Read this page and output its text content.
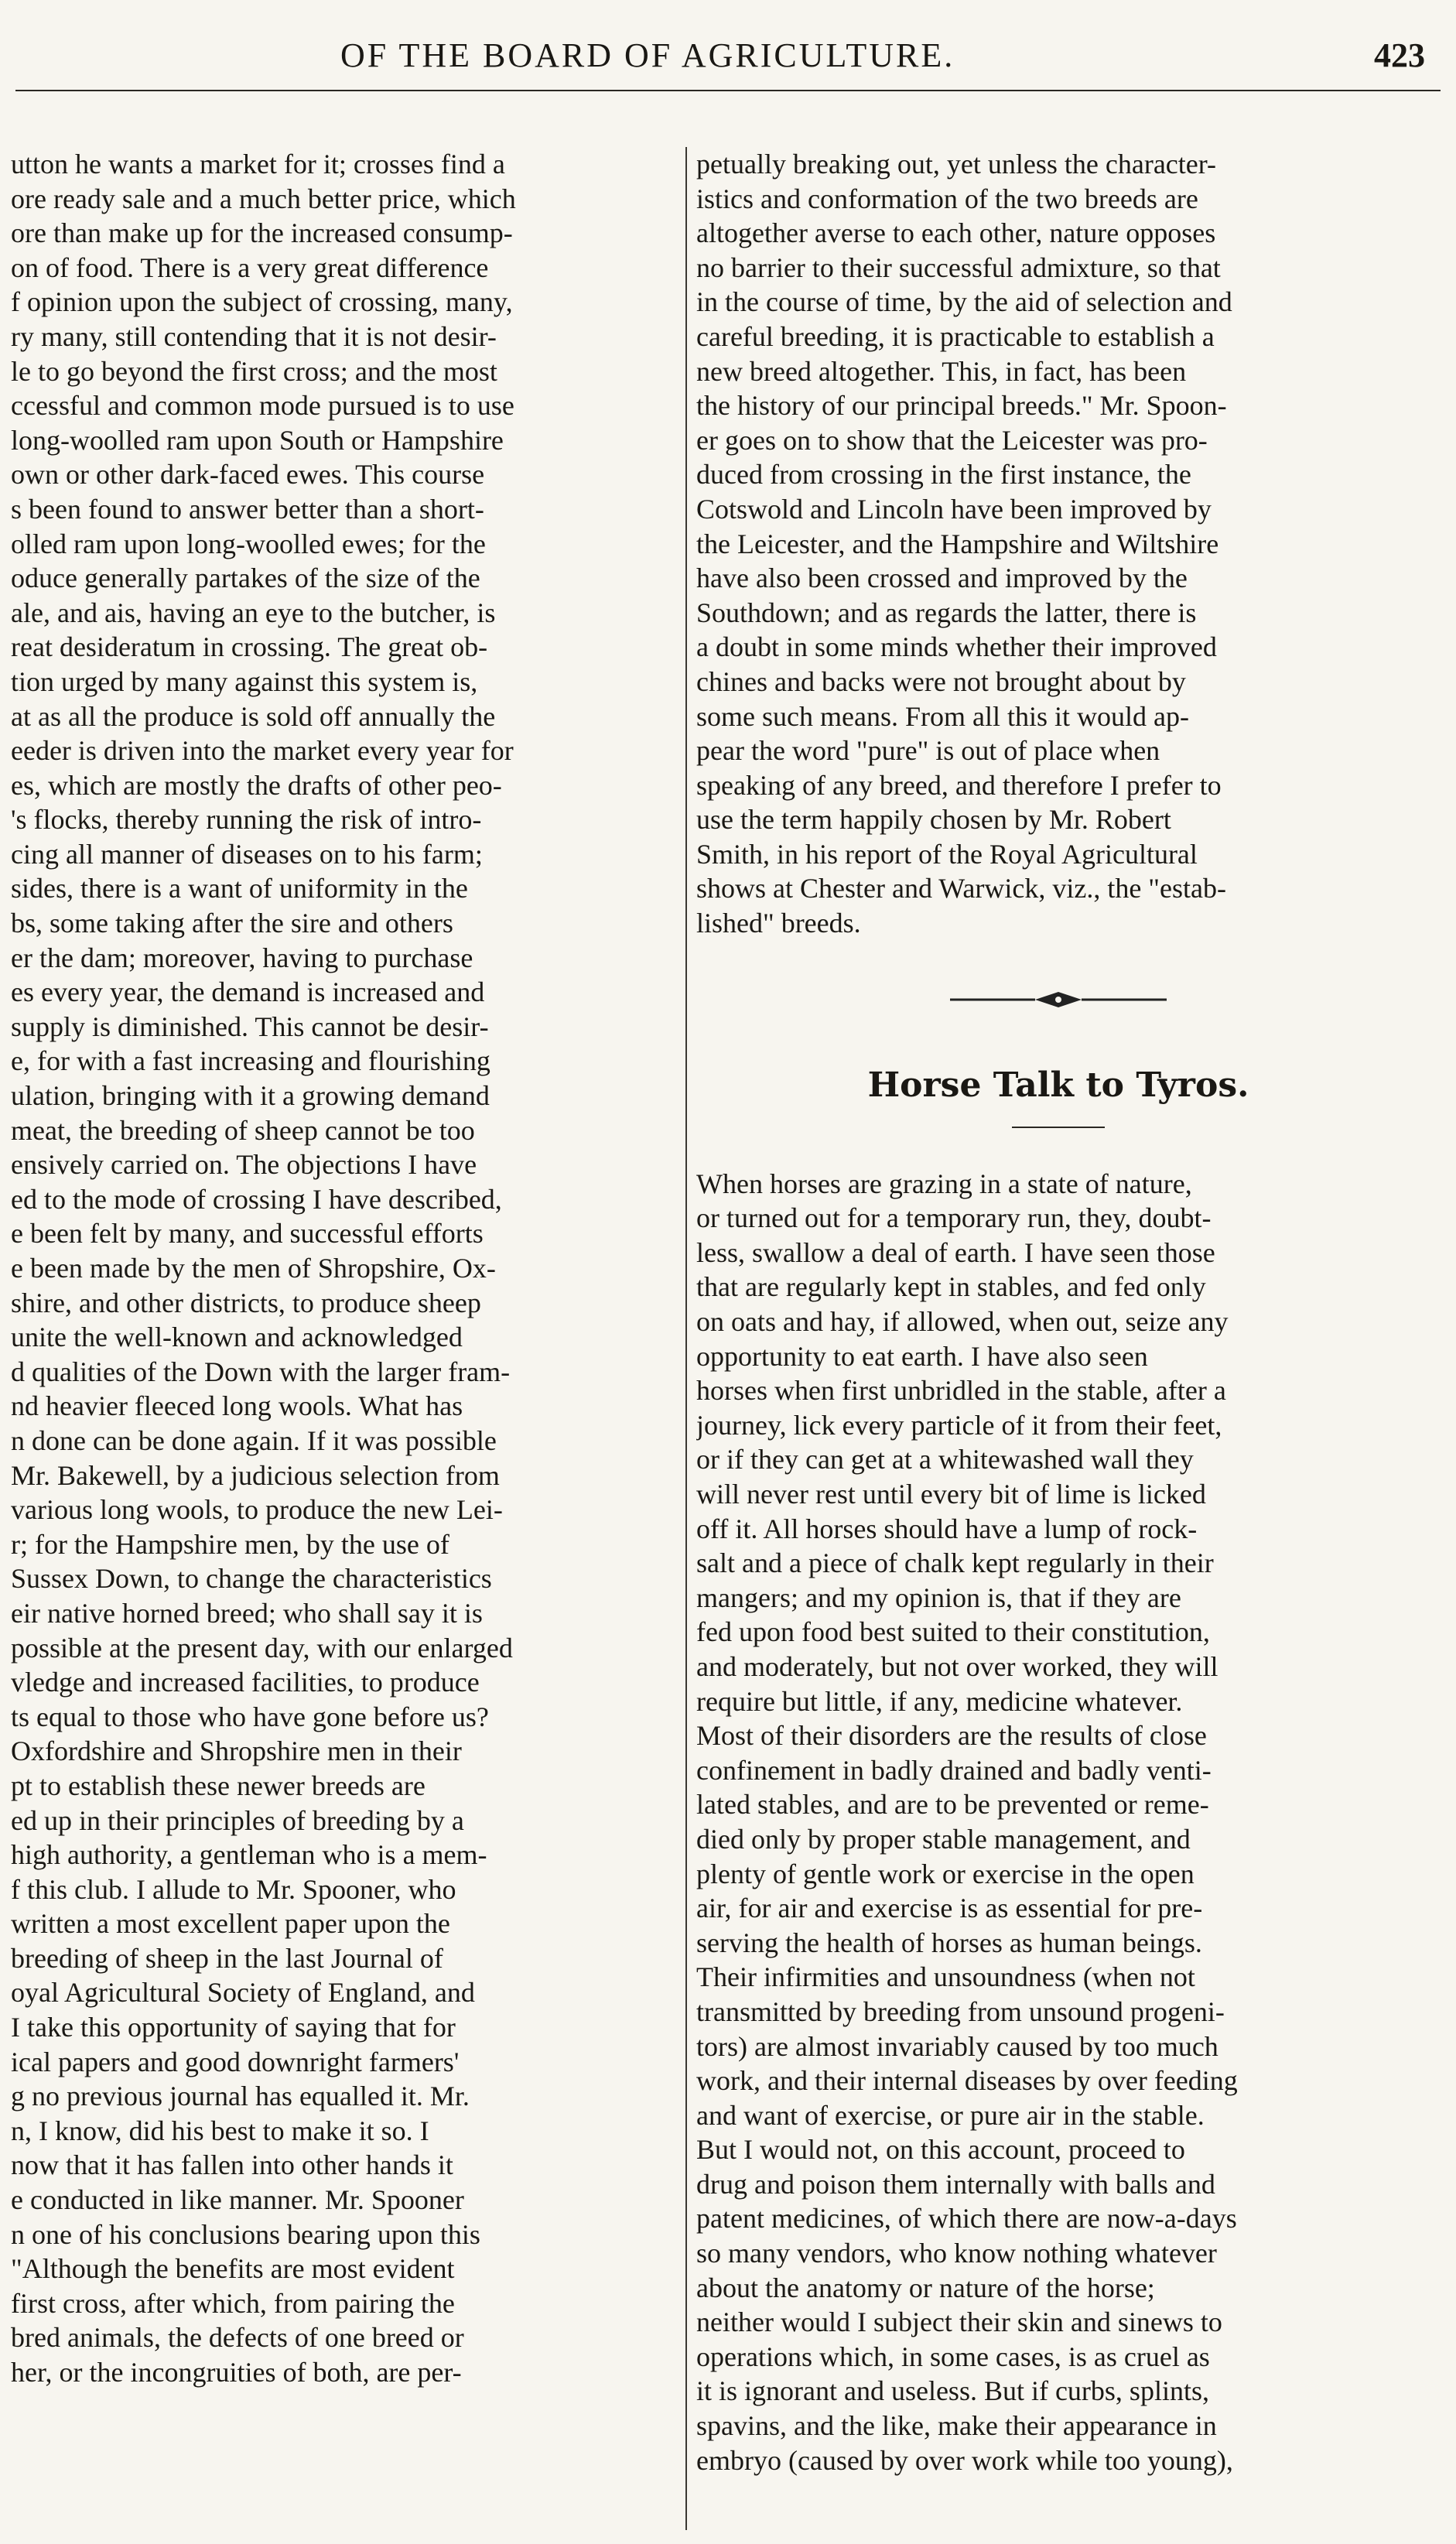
OF THE BOARD OF AGRICULTURE.	423
utton he wants a market for it; crosses find a
ore ready sale and a much better price, which
ore than make up for the increased consump-
on of food. There is a very great difference
f opinion upon the subject of crossing, many,
ry many, still contending that it is not desir-
le to go beyond the first cross; and the most
ccessful and common mode pursued is to use
long-woolled ram upon South or Hampshire
own or other dark-faced ewes. This course
s been found to answer better than a short-
olled ram upon long-woolled ewes; for the
oduce generally partakes of the size of the
ale, and ais, having an eye to the butcher, is
reat desideratum in crossing. The great ob-
tion urged by many against this system is,
at as all the produce is sold off annually the
eeder is driven into the market every year for
es, which are mostly the drafts of other peo-
's flocks, thereby running the risk of intro-
cing all manner of diseases on to his farm;
sides, there is a want of uniformity in the
bs, some taking after the sire and others
er the dam; moreover, having to purchase
es every year, the demand is increased and
supply is diminished. This cannot be desir-
e, for with a fast increasing and flourishing
ulation, bringing with it a growing demand
meat, the breeding of sheep cannot be too
ensively carried on. The objections I have
ed to the mode of crossing I have described,
e been felt by many, and successful efforts
e been made by the men of Shropshire, Ox-
shire, and other districts, to produce sheep
unite the well-known and acknowledged
d qualities of the Down with the larger fram-
nd heavier fleeced long wools. What has
n done can be done again. If it was possible
Mr. Bakewell, by a judicious selection from
various long wools, to produce the new Lei-
r; for the Hampshire men, by the use of
Sussex Down, to change the characteristics
eir native horned breed; who shall say it is
possible at the present day, with our enlarged
vledge and increased facilities, to produce
ts equal to those who have gone before us?
Oxfordshire and Shropshire men in their
pt to establish these newer breeds are
ed up in their principles of breeding by a
high authority, a gentleman who is a mem-
f this club. I allude to Mr. Spooner, who
written a most excellent paper upon the
breeding of sheep in the last Journal of
oyal Agricultural Society of England, and
I take this opportunity of saying that for
ical papers and good downright farmers'
g no previous journal has equalled it. Mr.
n, I know, did his best to make it so. I
now that it has fallen into other hands it
e conducted in like manner. Mr. Spooner
n one of his conclusions bearing upon this
"Although the benefits are most evident
first cross, after which, from pairing the
bred animals, the defects of one breed or
her, or the incongruities of both, are per-
petually breaking out, yet unless the character-
istics and conformation of the two breeds are
altogether averse to each other, nature opposes
no barrier to their successful admixture, so that
in the course of time, by the aid of selection and
careful breeding, it is practicable to establish a
new breed altogether. This, in fact, has been
the history of our principal breeds." Mr. Spoon-
er goes on to show that the Leicester was pro-
duced from crossing in the first instance, the
Cotswold and Lincoln have been improved by
the Leicester, and the Hampshire and Wiltshire
have also been crossed and improved by the
Southdown; and as regards the latter, there is
a doubt in some minds whether their improved
chines and backs were not brought about by
some such means. From all this it would ap-
pear the word "pure" is out of place when
speaking of any breed, and therefore I prefer to
use the term happily chosen by Mr. Robert
Smith, in his report of the Royal Agricultural
shows at Chester and Warwick, viz., the "estab-
lished" breeds.
Horse Talk to Tyros.
When horses are grazing in a state of nature,
or turned out for a temporary run, they, doubt-
less, swallow a deal of earth. I have seen those
that are regularly kept in stables, and fed only
on oats and hay, if allowed, when out, seize any
opportunity to eat earth. I have also seen
horses when first unbridled in the stable, after a
journey, lick every particle of it from their feet,
or if they can get at a whitewashed wall they
will never rest until every bit of lime is licked
off it. All horses should have a lump of rock-
salt and a piece of chalk kept regularly in their
mangers; and my opinion is, that if they are
fed upon food best suited to their constitution,
and moderately, but not over worked, they will
require but little, if any, medicine whatever.
Most of their disorders are the results of close
confinement in badly drained and badly venti-
lated stables, and are to be prevented or reme-
died only by proper stable management, and
plenty of gentle work or exercise in the open
air, for air and exercise is as essential for pre-
serving the health of horses as human beings.
Their infirmities and unsoundness (when not
transmitted by breeding from unsound progeni-
tors) are almost invariably caused by too much
work, and their internal diseases by over feeding
and want of exercise, or pure air in the stable.
But I would not, on this account, proceed to
drug and poison them internally with balls and
patent medicines, of which there are now-a-days
so many vendors, who know nothing whatever
about the anatomy or nature of the horse;
neither would I subject their skin and sinews to
operations which, in some cases, is as cruel as
it is ignorant and useless. But if curbs, splints,
spavins, and the like, make their appearance in
embryo (caused by over work while too young),
